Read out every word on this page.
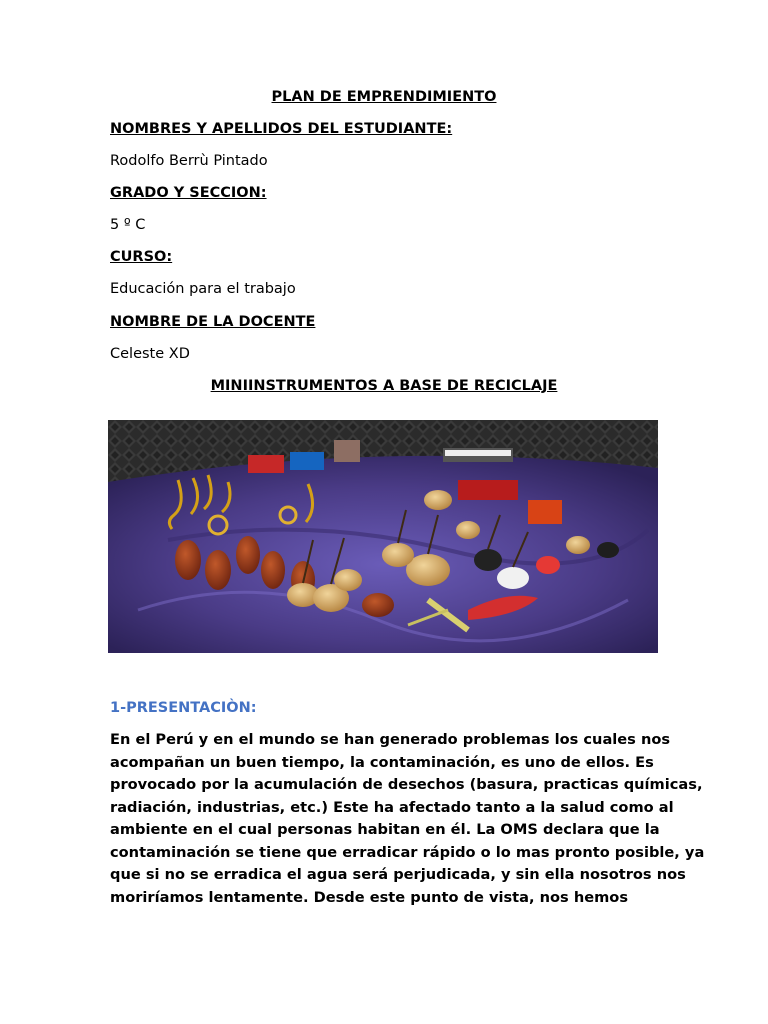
PLAN DE EMPRENDIMIENTO
NOMBRES Y APELLIDOS DEL ESTUDIANTE:
Rodolfo Berrù Pintado
GRADO Y SECCION:
5 º C
CURSO:
Educación para el trabajo
NOMBRE DE LA DOCENTE
Celeste XD
MINIINSTRUMENTOS A BASE DE RECICLAJE
1-PRESENTACIÒN:
En el Perú y en el mundo se han generado problemas los cuales nos
acompañan un buen tiempo, la contaminación, es uno de ellos. Es
provocado por la acumulación de desechos (basura, practicas químicas,
radiación, industrias, etc.) Este ha afectado tanto a la salud como al
ambiente en el cual personas habitan en él. La OMS declara que la
contaminación se tiene que erradicar rápido o lo mas pronto posible, ya
que si no se erradica el agua será perjudicada, y sin ella nosotros nos
moriríamos lentamente. Desde este punto de vista, nos hemos
